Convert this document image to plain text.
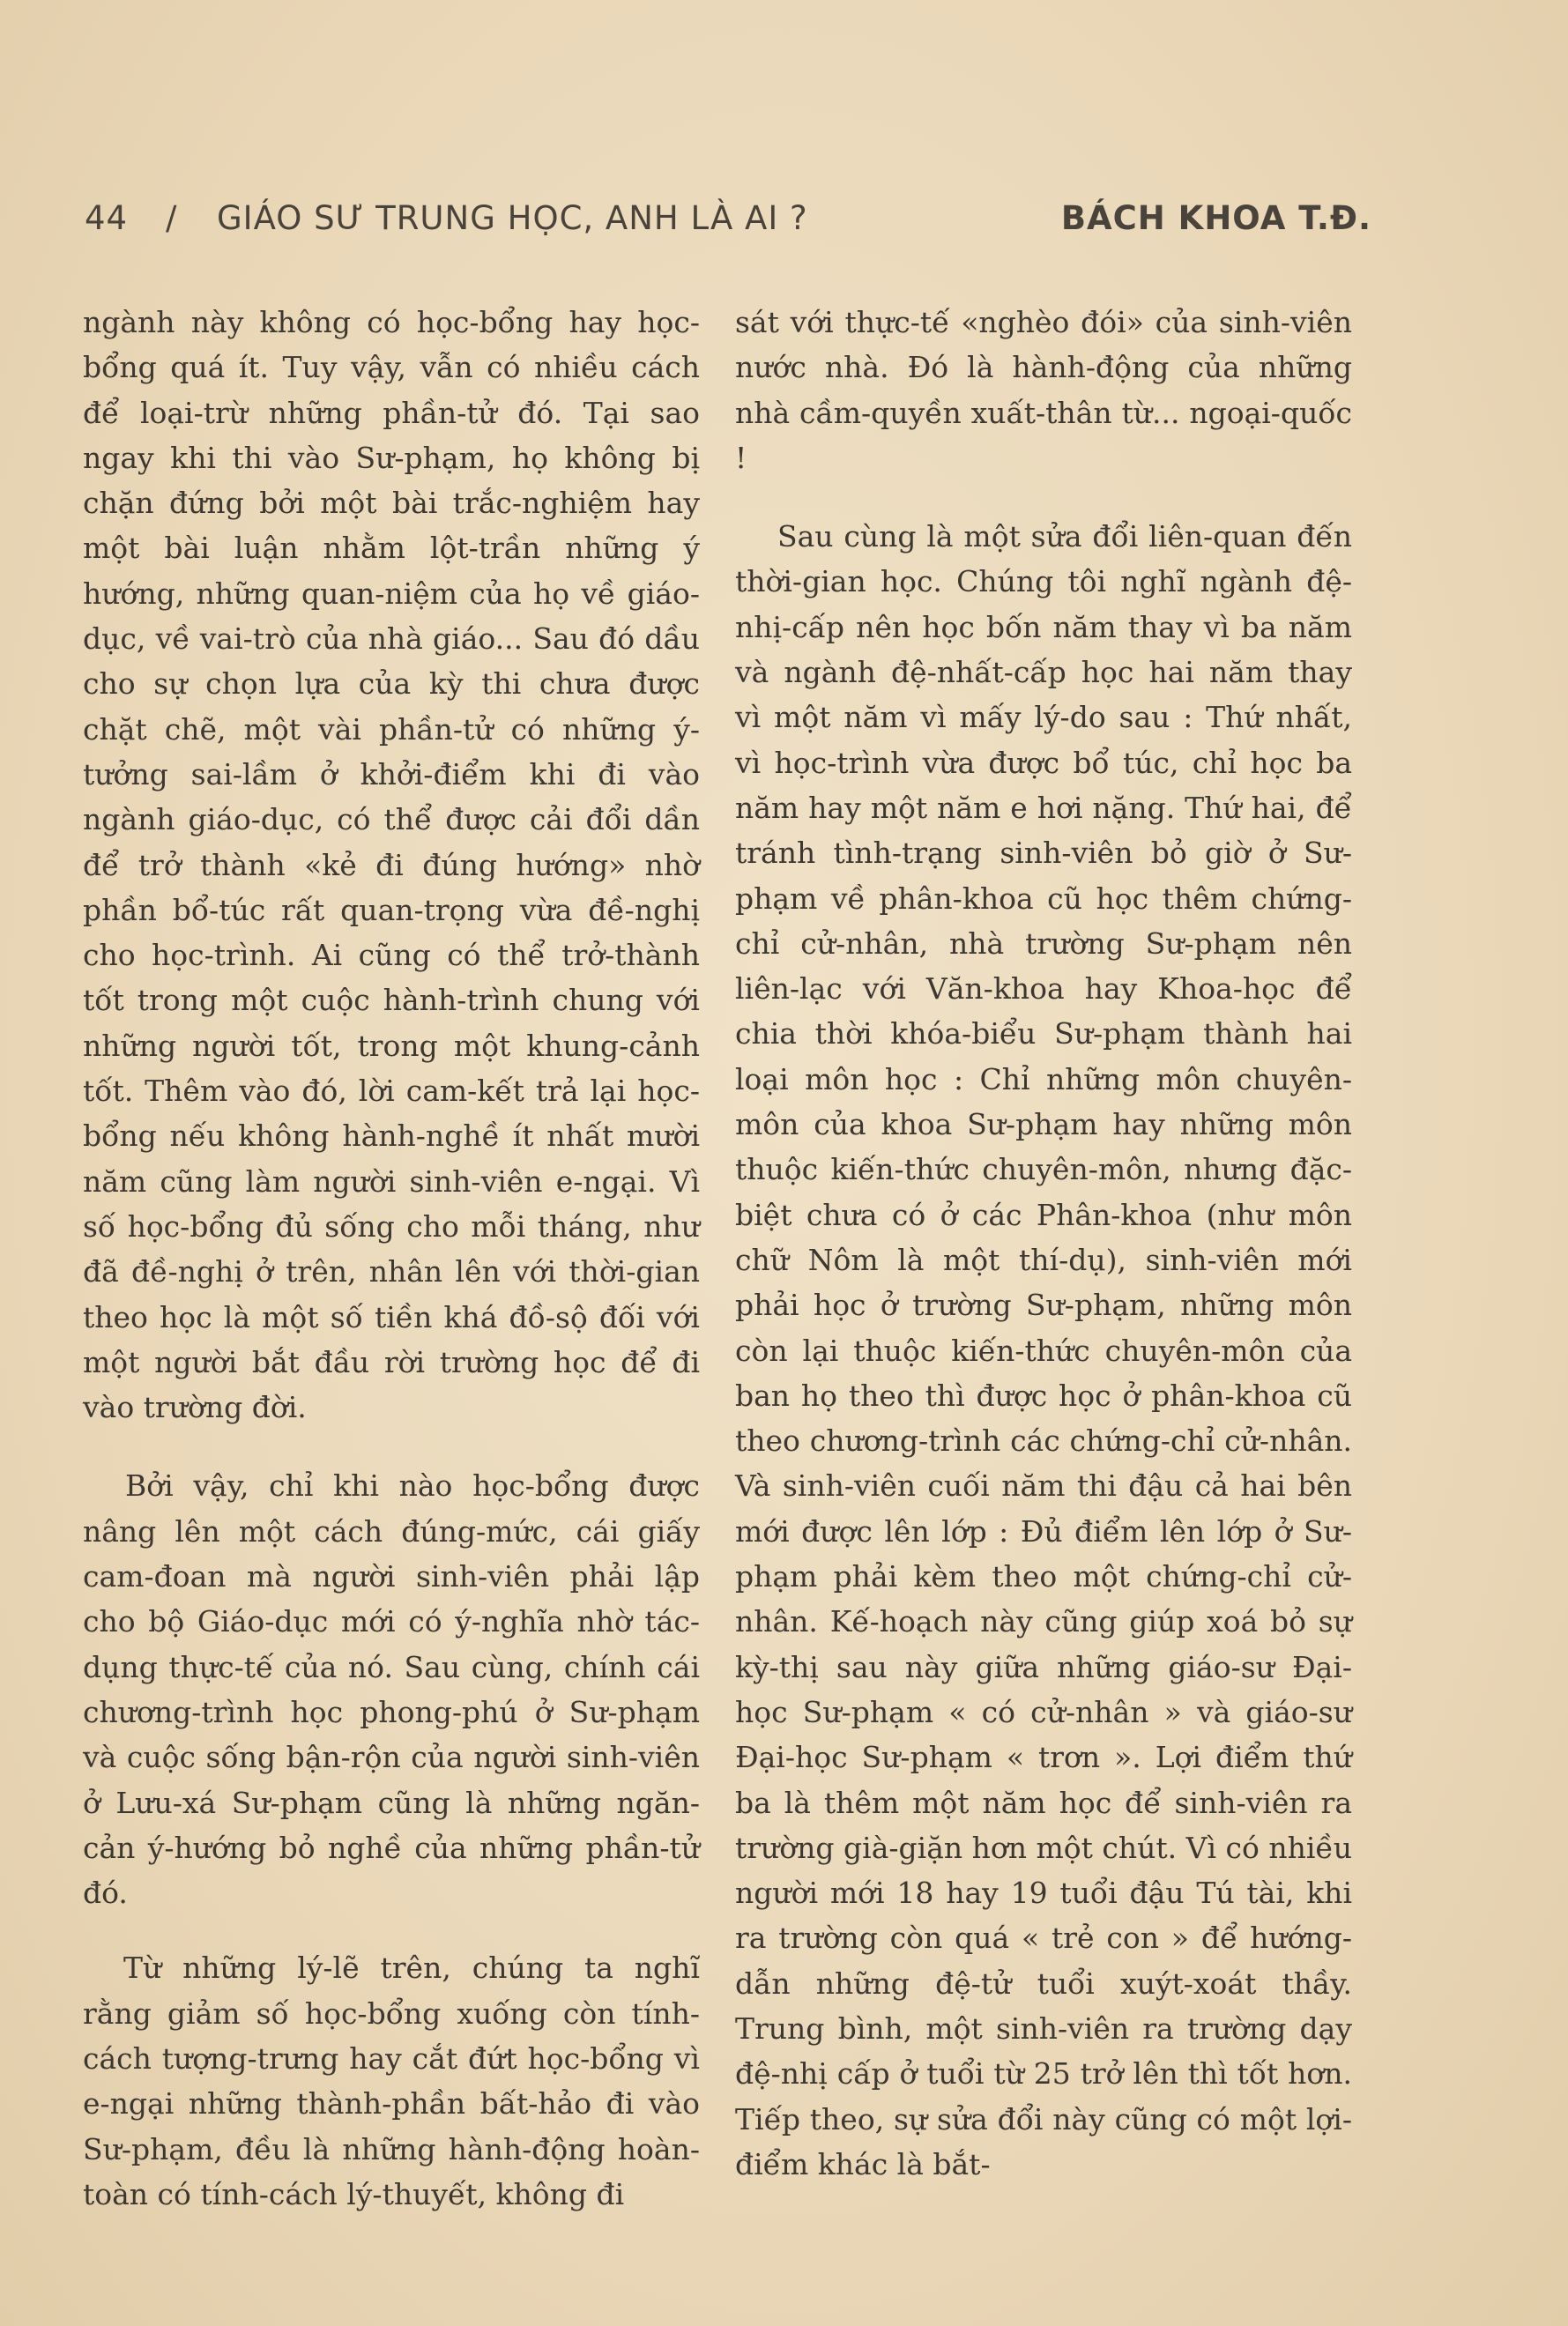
44 / GIÁO SƯ TRUNG HỌC, ANH LÀ AI ?	BÁCH KHOA T.Đ.

ngành này không có học-bổng hay học-bổng quá ít. Tuy vậy, vẫn có nhiều cách để loại-trừ những phần-tử đó. Tại sao ngay khi thi vào Sư-phạm, họ không bị chặn đứng bởi một bài trắc-nghiệm hay một bài luận nhằm lột-trần những ý hướng, những quan-niệm của họ về giáo-dục, về vai-trò của nhà giáo... Sau đó dầu cho sự chọn lựa của kỳ thi chưa được chặt chẽ, một vài phần-tử có những ý-tưởng sai-lầm ở khởi-điểm khi đi vào ngành giáo-dục, có thể được cải đổi dần để trở thành «kẻ đi đúng hướng» nhờ phần bổ-túc rất quan-trọng vừa đề-nghị cho học-trình. Ai cũng có thể trở-thành tốt trong một cuộc hành-trình chung với những người tốt, trong một khung-cảnh tốt. Thêm vào đó, lời cam-kết trả lại học-bổng nếu không hành-nghề ít nhất mười năm cũng làm người sinh-viên e-ngại. Vì số học-bổng đủ sống cho mỗi tháng, như đã đề-nghị ở trên, nhân lên với thời-gian theo học là một số tiền khá đồ-sộ đối với một người bắt đầu rời trường học để đi vào trường đời.

Bởi vậy, chỉ khi nào học-bổng được nâng lên một cách đúng-mức, cái giấy cam-đoan mà người sinh-viên phải lập cho bộ Giáo-dục mới có ý-nghĩa nhờ tác-dụng thực-tế của nó. Sau cùng, chính cái chương-trình học phong-phú ở Sư-phạm và cuộc sống bận-rộn của người sinh-viên ở Lưu-xá Sư-phạm cũng là những ngăn-cản ý-hướng bỏ nghề của những phần-tử đó.

Từ những lý-lẽ trên, chúng ta nghĩ rằng giảm số học-bổng xuống còn tính-cách tượng-trưng hay cắt đứt học-bổng vì e-ngại những thành-phần bất-hảo đi vào Sư-phạm, đều là những hành-động hoàn-toàn có tính-cách lý-thuyết, không đi

sát với thực-tế «nghèo đói» của sinh-viên nước nhà. Đó là hành-động của những nhà cầm-quyền xuất-thân từ... ngoại-quốc !

Sau cùng là một sửa đổi liên-quan đến thời-gian học. Chúng tôi nghĩ ngành đệ-nhị-cấp nên học bốn năm thay vì ba năm và ngành đệ-nhất-cấp học hai năm thay vì một năm vì mấy lý-do sau : Thứ nhất, vì học-trình vừa được bổ túc, chỉ học ba năm hay một năm e hơi nặng. Thứ hai, để tránh tình-trạng sinh-viên bỏ giờ ở Sư-phạm về phân-khoa cũ học thêm chứng-chỉ cử-nhân, nhà trường Sư-phạm nên liên-lạc với Văn-khoa hay Khoa-học để chia thời khóa-biểu Sư-phạm thành hai loại môn học : Chỉ những môn chuyên-môn của khoa Sư-phạm hay những môn thuộc kiến-thức chuyên-môn, nhưng đặc-biệt chưa có ở các Phân-khoa (như môn chữ Nôm là một thí-dụ), sinh-viên mới phải học ở trường Sư-phạm, những môn còn lại thuộc kiến-thức chuyên-môn của ban họ theo thì được học ở phân-khoa cũ theo chương-trình các chứng-chỉ cử-nhân. Và sinh-viên cuối năm thi đậu cả hai bên mới được lên lớp : Đủ điểm lên lớp ở Sư-phạm phải kèm theo một chứng-chỉ cử-nhân. Kế-hoạch này cũng giúp xoá bỏ sự kỳ-thị sau này giữa những giáo-sư Đại-học Sư-phạm « có cử-nhân » và giáo-sư Đại-học Sư-phạm « trơn ». Lợi điểm thứ ba là thêm một năm học để sinh-viên ra trường già-giặn hơn một chút. Vì có nhiều người mới 18 hay 19 tuổi đậu Tú tài, khi ra trường còn quá « trẻ con » để hướng-dẫn những đệ-tử tuổi xuýt-xoát thầy. Trung bình, một sinh-viên ra trường dạy đệ-nhị cấp ở tuổi từ 25 trở lên thì tốt hơn. Tiếp theo, sự sửa đổi này cũng có một lợi-điểm khác là bắt-
